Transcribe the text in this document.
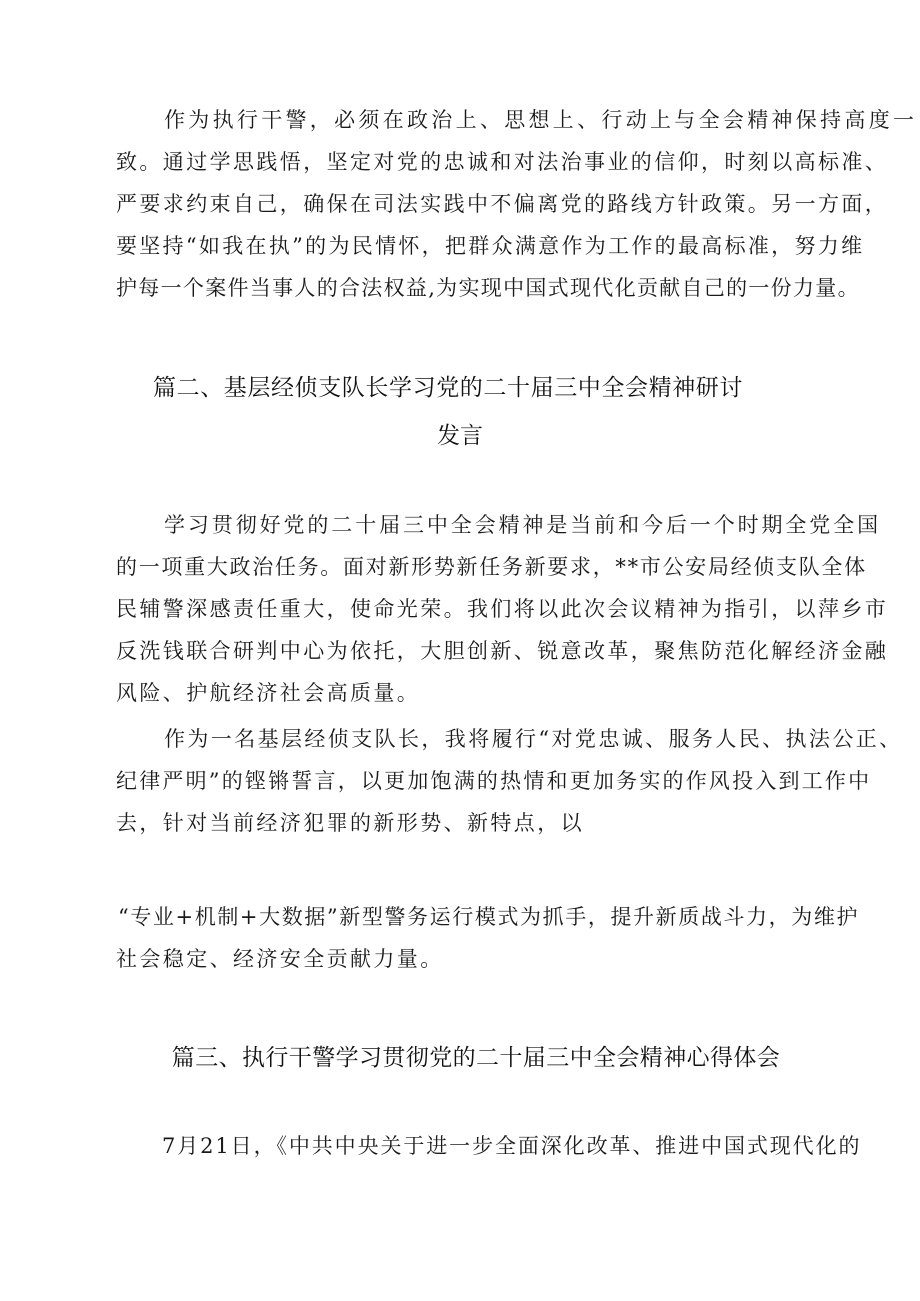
作为执行干警，必须在政治上、思想上、行动上与全会精神保持高度一
致。通过学思践悟，坚定对党的忠诚和对法治事业的信仰，时刻以高标准、
严要求约束自己，确保在司法实践中不偏离党的路线方针政策。另一方面，
要坚持“如我在执”的为民情怀，把群众满意作为工作的最高标准，努力维
护每一个案件当事人的合法权益,为实现中国式现代化贡献自己的一份力量。
篇二、基层经侦支队长学习党的二十届三中全会精神研讨
发言
学习贯彻好党的二十届三中全会精神是当前和今后一个时期全党全国
的一项重大政治任务。面对新形势新任务新要求，**市公安局经侦支队全体
民辅警深感责任重大，使命光荣。我们将以此次会议精神为指引，以萍乡市
反洗钱联合研判中心为依托，大胆创新、锐意改革，聚焦防范化解经济金融
风险、护航经济社会高质量。
作为一名基层经侦支队长，我将履行“对党忠诚、服务人民、执法公正、
纪律严明”的铿锵誓言，以更加饱满的热情和更加务实的作风投入到工作中
去，针对当前经济犯罪的新形势、新特点，以
“专业+机制+大数据”新型警务运行模式为抓手，提升新质战斗力，为维护
社会稳定、经济安全贡献力量。
篇三、执行干警学习贯彻党的二十届三中全会精神心得体会
7月21日，《中共中央关于进一步全面深化改革、推进中国式现代化的
